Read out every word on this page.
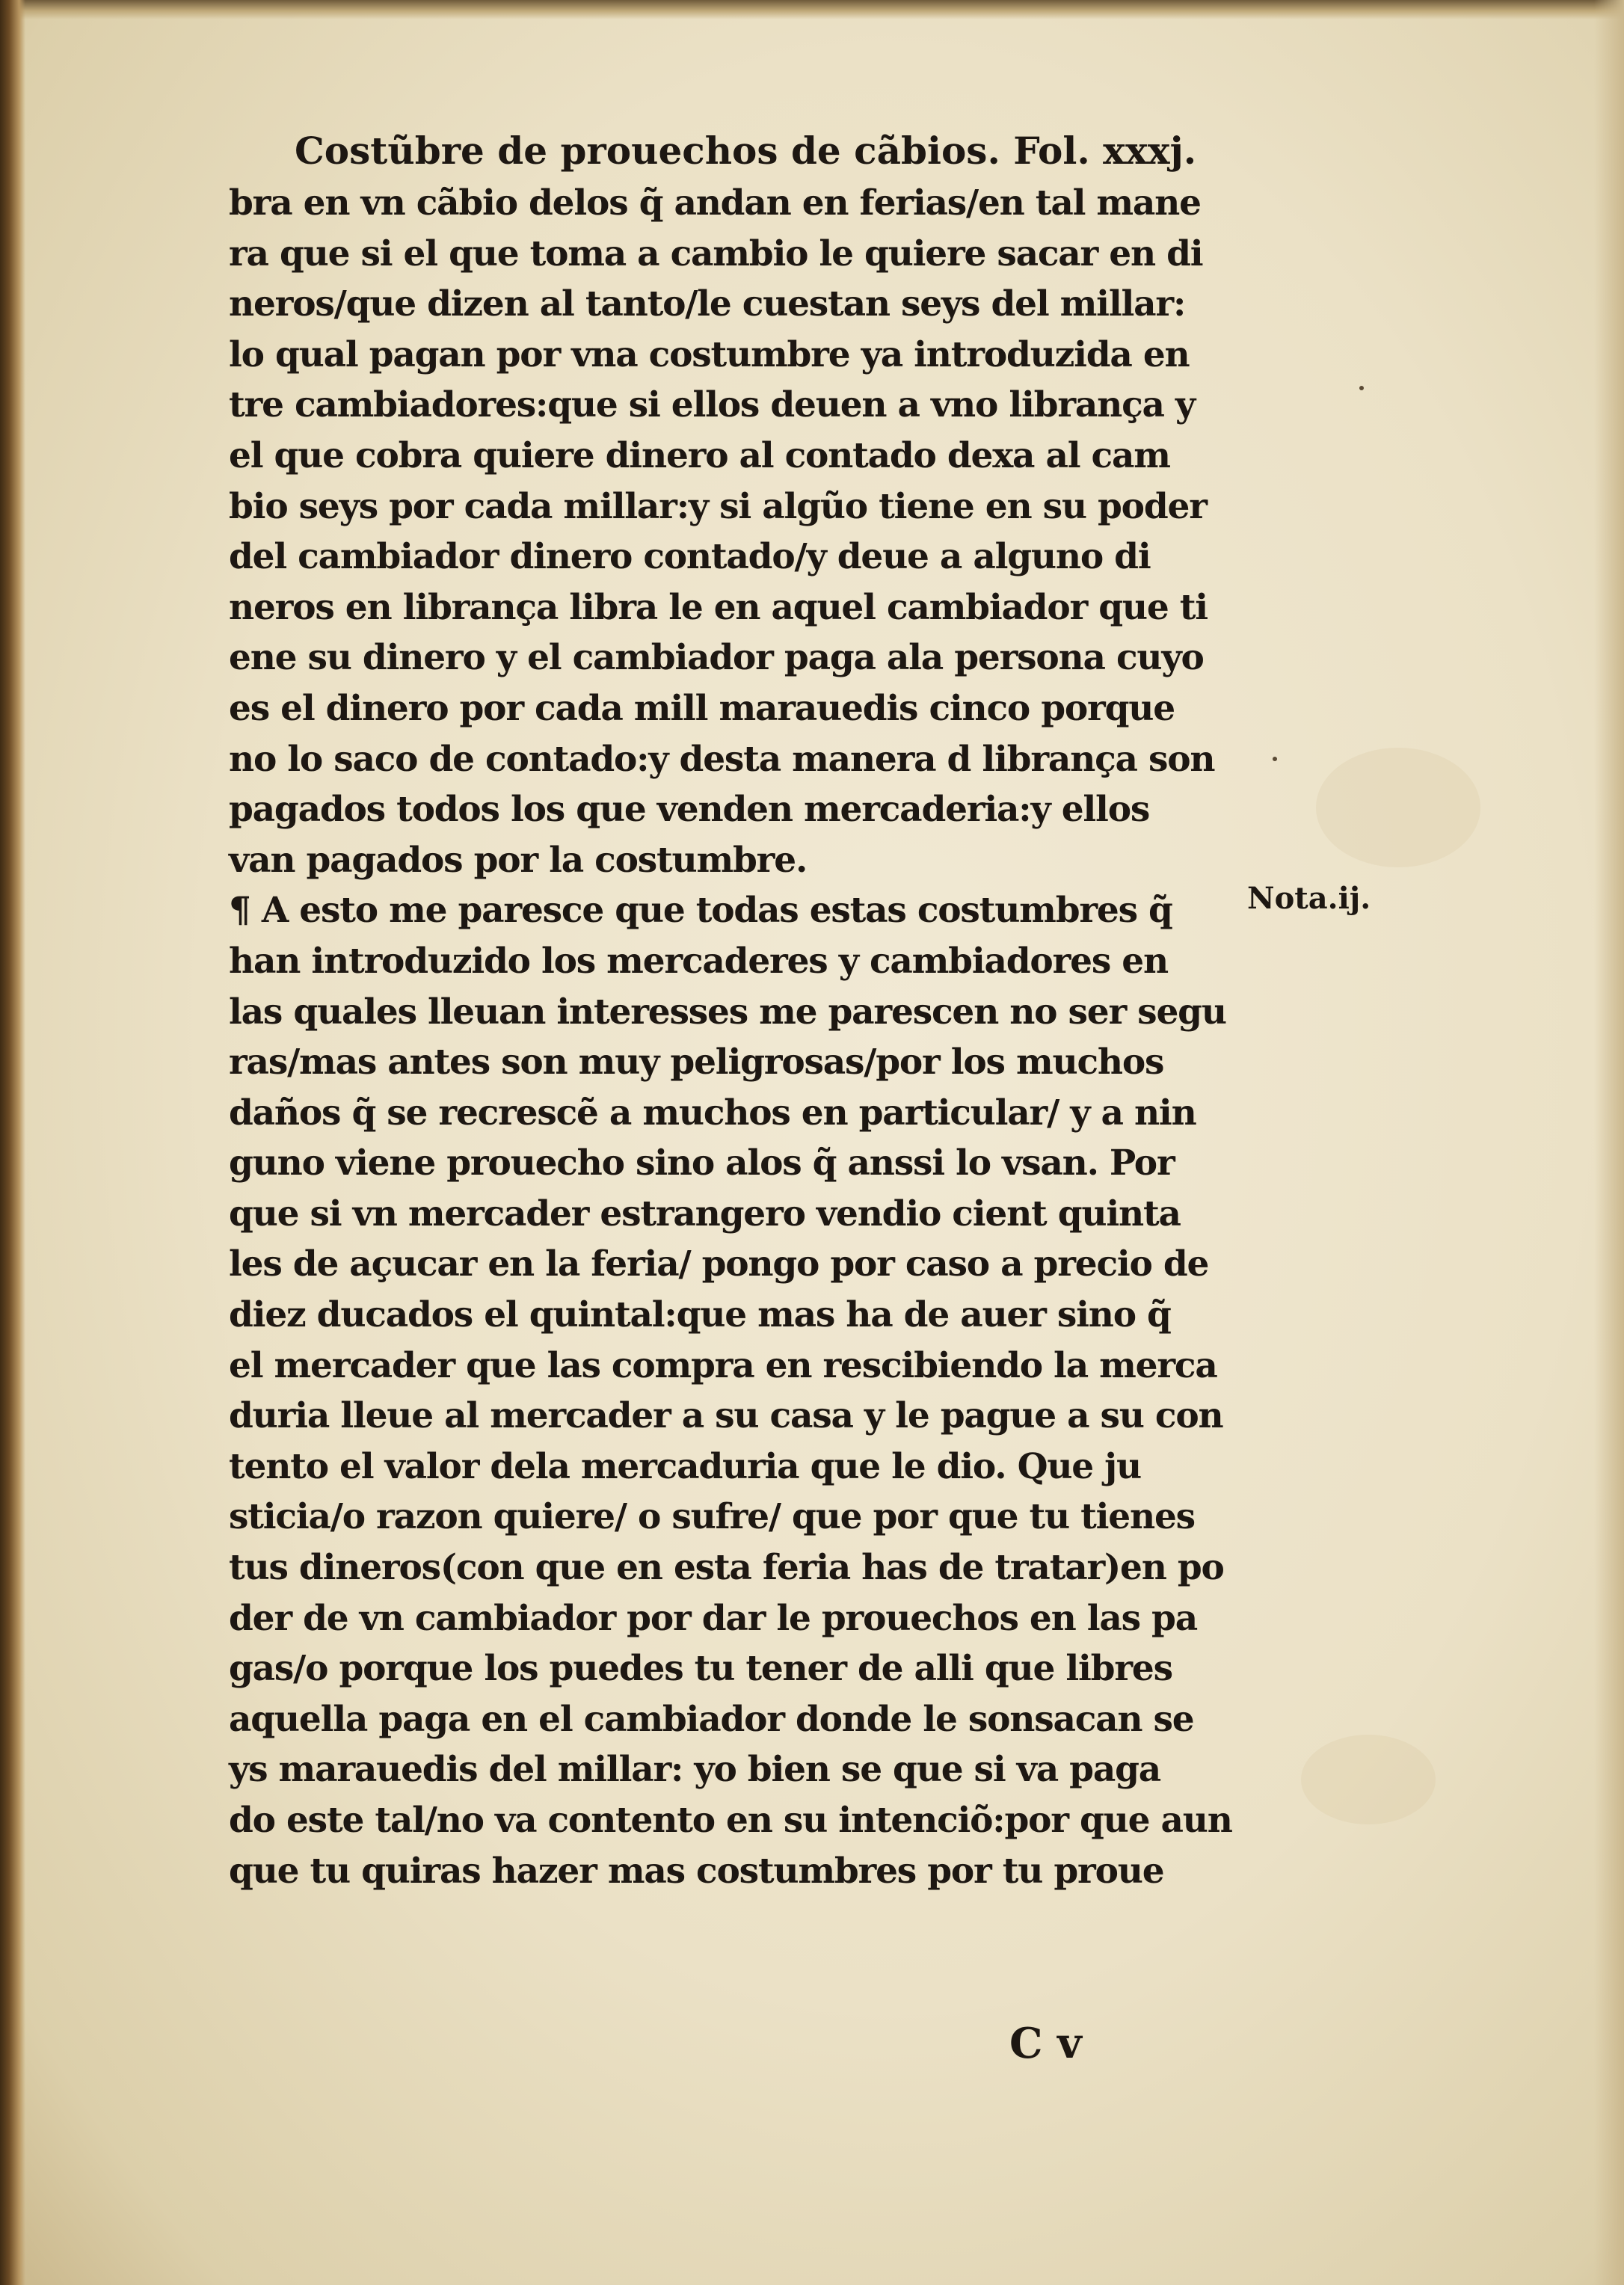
Costũbre de prouechos de cãbios. Fol. xxxj.
bra en vn cãbio delos q̃ andan en ferias/en tal mane
ra que si el que toma a cambio le quiere sacar en di
neros/que dizen al tanto/le cuestan seys del millar:
lo qual pagan por vna costumbre ya introduzida en
tre cambiadores:que si ellos deuen a vno librança y
el que cobra quiere dinero al contado dexa al cam
bio seys por cada millar:y si algũo tiene en su poder
del cambiador dinero contado/y deue a alguno di
neros en librança libra le en aquel cambiador que ti
ene su dinero y el cambiador paga ala persona cuyo
es el dinero por cada mill marauedis cinco porque
no lo saco de contado:y desta manera d librança son
pagados todos los que venden mercaderia:y ellos
van pagados por la costumbre.
¶ A esto me paresce que todas estas costumbres q̃
han introduzido los mercaderes y cambiadores en
las quales lleuan interesses me parescen no ser segu
ras/mas antes son muy peligrosas/por los muchos
daños q̃ se recrescẽ a muchos en particular/ y a nin
guno viene prouecho sino alos q̃ anssi lo vsan. Por
que si vn mercader estrangero vendio cient quinta
les de açucar en la feria/ pongo por caso a precio de
diez ducados el quintal:que mas ha de auer sino q̃
el mercader que las compra en rescibiendo la merca
duria lleue al mercader a su casa y le pague a su con
tento el valor dela mercaduria que le dio. Que ju
sticia/o razon quiere/ o sufre/ que por que tu tienes
tus dineros(con que en esta feria has de tratar)en po
der de vn cambiador por dar le prouechos en las pa
gas/o porque los puedes tu tener de alli que libres
aquella paga en el cambiador donde le sonsacan se
ys marauedis del millar: yo bien se que si va paga
do este tal/no va contento en su intenciõ:por que aun
que tu quiras hazer mas costumbres por tu proue
Nota.ij.
C v
